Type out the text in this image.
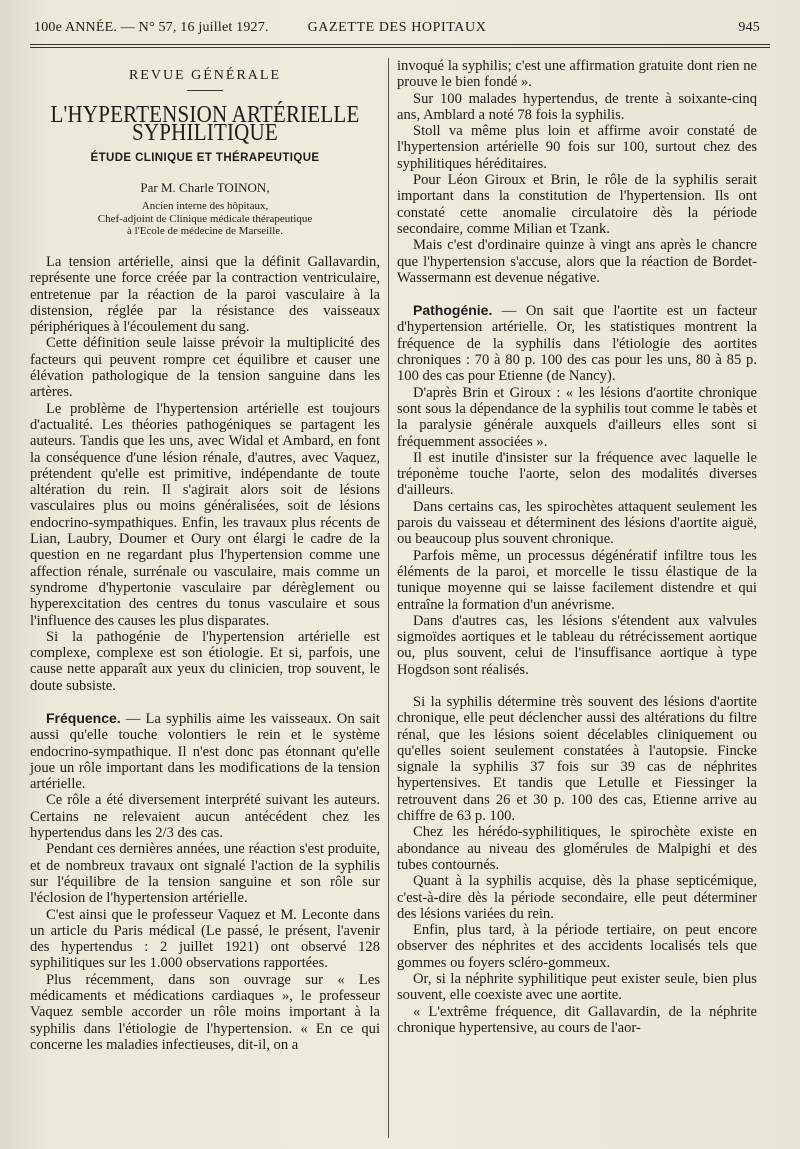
100e ANNÉE. — N° 57, 16 juillet 1927.	GAZETTE DES HOPITAUX	945

REVUE GÉNÉRALE

L'HYPERTENSION ARTÉRIELLE SYPHILITIQUE

ÉTUDE CLINIQUE ET THÉRAPEUTIQUE

Par M. Charle TOINON,

Ancien interne des hôpitaux,

Chef-adjoint de Clinique médicale thérapeutique

à l'Ecole de médecine de Marseille.

La tension artérielle, ainsi que la définit Gallavardin, représente une force créée par la contraction ventriculaire, entretenue par la réaction de la paroi vasculaire à la distension, réglée par la résistance des vaisseaux périphériques à l'écoulement du sang.

Cette définition seule laisse prévoir la multiplicité des facteurs qui peuvent rompre cet équilibre et causer une élévation pathologique de la tension sanguine dans les artères.

Le problème de l'hypertension artérielle est toujours d'actualité. Les théories pathogéniques se partagent les auteurs. Tandis que les uns, avec Widal et Ambard, en font la conséquence d'une lésion rénale, d'autres, avec Vaquez, prétendent qu'elle est primitive, indépendante de toute altération du rein. Il s'agirait alors soit de lésions vasculaires plus ou moins généralisées, soit de lésions endocrino-sympathiques. Enfin, les travaux plus récents de Lian, Laubry, Doumer et Oury ont élargi le cadre de la question en ne regardant plus l'hypertension comme une affection rénale, surrénale ou vasculaire, mais comme un syndrome d'hypertonie vasculaire par dérèglement ou hyperexcitation des centres du tonus vasculaire et sous l'influence des causes les plus disparates.

Si la pathogénie de l'hypertension artérielle est complexe, complexe est son étiologie. Et si, parfois, une cause nette apparaît aux yeux du clinicien, trop souvent, le doute subsiste.

Fréquence. — La syphilis aime les vaisseaux. On sait aussi qu'elle touche volontiers le rein et le système endocrino-sympathique. Il n'est donc pas étonnant qu'elle joue un rôle important dans les modifications de la tension artérielle.

Ce rôle a été diversement interprété suivant les auteurs. Certains ne relevaient aucun antécédent chez les hypertendus dans les 2/3 des cas.

Pendant ces dernières années, une réaction s'est produite, et de nombreux travaux ont signalé l'action de la syphilis sur l'équilibre de la tension sanguine et son rôle sur l'éclosion de l'hypertension artérielle.

C'est ainsi que le professeur Vaquez et M. Leconte dans un article du Paris médical (Le passé, le présent, l'avenir des hypertendus : 2 juillet 1921) ont observé 128 syphilitiques sur les 1.000 observations rapportées.

Plus récemment, dans son ouvrage sur « Les médicaments et médications cardiaques », le professeur Vaquez semble accorder un rôle moins important à la syphilis dans l'étiologie de l'hypertension. « En ce qui concerne les maladies infectieuses, dit-il, on a

invoqué la syphilis; c'est une affirmation gratuite dont rien ne prouve le bien fondé ».

Sur 100 malades hypertendus, de trente à soixante-cinq ans, Amblard a noté 78 fois la syphilis.

Stoll va même plus loin et affirme avoir constaté de l'hypertension artérielle 90 fois sur 100, surtout chez des syphilitiques héréditaires.

Pour Léon Giroux et Brin, le rôle de la syphilis serait important dans la constitution de l'hypertension. Ils ont constaté cette anomalie circulatoire dès la période secondaire, comme Milian et Tzank.

Mais c'est d'ordinaire quinze à vingt ans après le chancre que l'hypertension s'accuse, alors que la réaction de Bordet-Wassermann est devenue négative.

Pathogénie. — On sait que l'aortite est un facteur d'hypertension artérielle. Or, les statistiques montrent la fréquence de la syphilis dans l'étiologie des aortites chroniques : 70 à 80 p. 100 des cas pour les uns, 80 à 85 p. 100 des cas pour Etienne (de Nancy).

D'après Brin et Giroux : « les lésions d'aortite chronique sont sous la dépendance de la syphilis tout comme le tabès et la paralysie générale auxquels d'ailleurs elles sont si fréquemment associées ».

Il est inutile d'insister sur la fréquence avec laquelle le tréponème touche l'aorte, selon des modalités diverses d'ailleurs.

Dans certains cas, les spirochètes attaquent seulement les parois du vaisseau et déterminent des lésions d'aortite aiguë, ou beaucoup plus souvent chronique.

Parfois même, un processus dégénératif infiltre tous les éléments de la paroi, et morcelle le tissu élastique de la tunique moyenne qui se laisse facilement distendre et qui entraîne la formation d'un anévrisme.

Dans d'autres cas, les lésions s'étendent aux valvules sigmoïdes aortiques et le tableau du rétrécissement aortique ou, plus souvent, celui de l'insuffisance aortique à type Hogdson sont réalisés.

Si la syphilis détermine très souvent des lésions d'aortite chronique, elle peut déclencher aussi des altérations du filtre rénal, que les lésions soient décelables cliniquement ou qu'elles soient seulement constatées à l'autopsie. Fincke signale la syphilis 37 fois sur 39 cas de néphrites hypertensives. Et tandis que Letulle et Fiessinger la retrouvent dans 26 et 30 p. 100 des cas, Etienne arrive au chiffre de 63 p. 100.

Chez les hérédo-syphilitiques, le spirochète existe en abondance au niveau des glomérules de Malpighi et des tubes contournés.

Quant à la syphilis acquise, dès la phase septicémique, c'est-à-dire dès la période secondaire, elle peut déterminer des lésions variées du rein.

Enfin, plus tard, à la période tertiaire, on peut encore observer des néphrites et des accidents localisés tels que gommes ou foyers scléro-gommeux.

Or, si la néphrite syphilitique peut exister seule, bien plus souvent, elle coexiste avec une aortite.

« L'extrême fréquence, dit Gallavardin, de la néphrite chronique hypertensive, au cours de l'aor-
